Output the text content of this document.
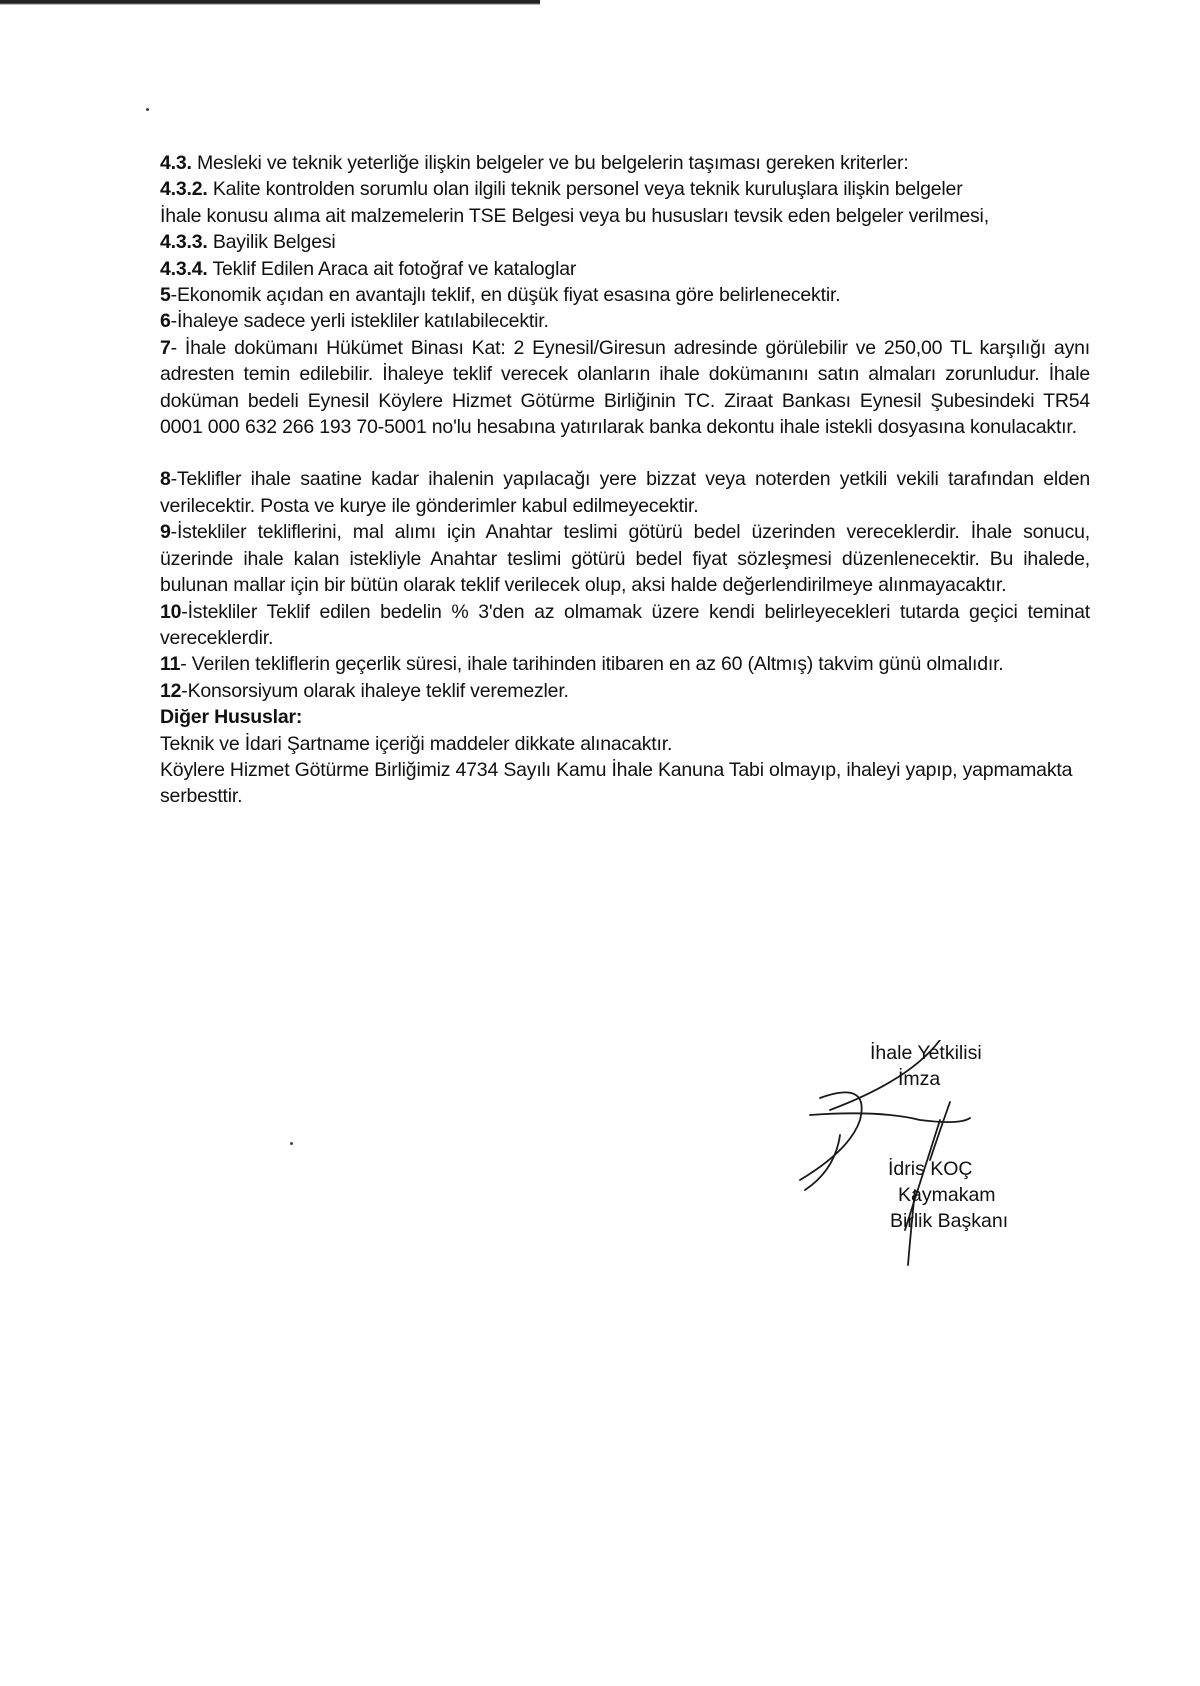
4.3. Mesleki ve teknik yeterliğe ilişkin belgeler ve bu belgelerin taşıması gereken kriterler:

4.3.2. Kalite kontrolden sorumlu olan ilgili teknik personel veya teknik kuruluşlara ilişkin belgeler

İhale konusu alıma ait malzemelerin TSE Belgesi veya bu hususları tevsik eden belgeler verilmesi,

4.3.3. Bayilik Belgesi

4.3.4. Teklif Edilen Araca ait fotoğraf ve kataloglar

5-Ekonomik açıdan en avantajlı teklif, en düşük fiyat esasına göre belirlenecektir.

6-İhaleye sadece yerli istekliler katılabilecektir.

7- İhale dokümanı Hükümet Binası Kat: 2 Eynesil/Giresun adresinde görülebilir ve 250,00 TL karşılığı aynı adresten temin edilebilir. İhaleye teklif verecek olanların ihale dokümanını satın almaları zorunludur. İhale doküman bedeli Eynesil Köylere Hizmet Götürme Birliğinin TC. Ziraat Bankası Eynesil Şubesindeki TR54 0001 000 632 266 193 70-5001 no'lu hesabına yatırılarak banka dekontu ihale istekli dosyasına konulacaktır.

8-Teklifler ihale saatine kadar ihalenin yapılacağı yere bizzat veya noterden yetkili vekili tarafından elden verilecektir. Posta ve kurye ile gönderimler kabul edilmeyecektir.

9-İstekliler tekliflerini, mal alımı için Anahtar teslimi götürü bedel üzerinden vereceklerdir. İhale sonucu, üzerinde ihale kalan istekliyle Anahtar teslimi götürü bedel fiyat sözleşmesi düzenlenecektir. Bu ihalede, bulunan mallar için bir bütün olarak teklif verilecek olup, aksi halde değerlendirilmeye alınmayacaktır.

10-İstekliler Teklif edilen bedelin % 3'den az olmamak üzere kendi belirleyecekleri tutarda geçici teminat vereceklerdir.

11- Verilen tekliflerin geçerlik süresi, ihale tarihinden itibaren en az 60 (Altmış) takvim günü olmalıdır.

12-Konsorsiyum olarak ihaleye teklif veremezler.

Diğer Hususlar:

Teknik ve İdari Şartname içeriği maddeler dikkate alınacaktır.

Köylere Hizmet Götürme Birliğimiz 4734 Sayılı Kamu İhale Kanuna Tabi olmayıp, ihaleyi yapıp, yapmamakta serbesttir.

İhale Yetkilisi
İmza
İdris KOÇ
Kaymakam
Birlik Başkanı
